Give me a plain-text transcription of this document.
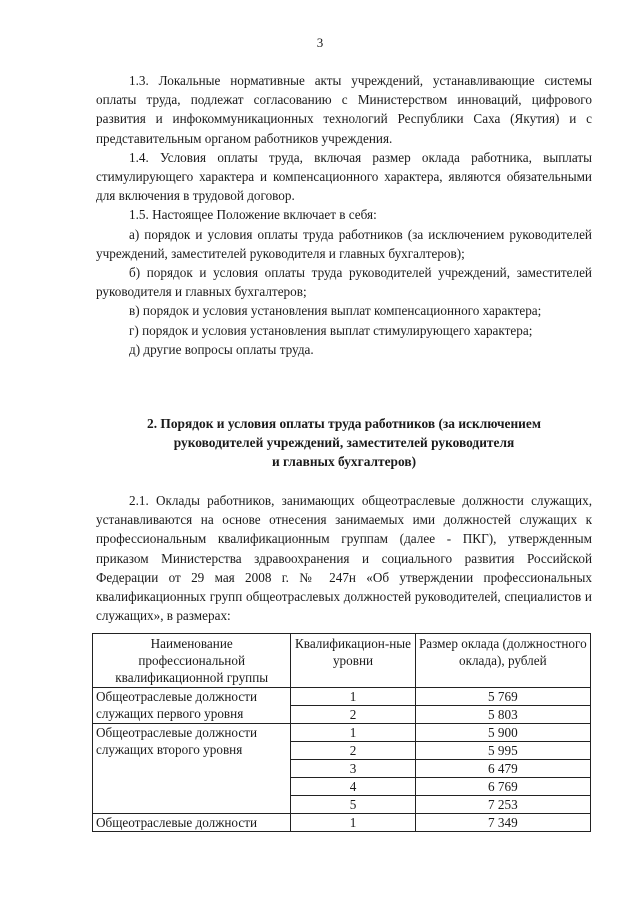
3
1.3. Локальные нормативные акты учреждений, устанавливающие системы оплаты труда, подлежат согласованию с Министерством инноваций, цифрового развития и инфокоммуникационных технологий Республики Саха (Якутия) и с представительным органом работников учреждения.
1.4. Условия оплаты труда, включая размер оклада работника, выплаты стимулирующего характера и компенсационного характера, являются обязательными для включения в трудовой договор.
1.5. Настоящее Положение включает в себя:
а) порядок и условия оплаты труда работников (за исключением руководителей учреждений, заместителей руководителя и главных бухгалтеров);
б) порядок и условия оплаты труда руководителей учреждений, заместителей руководителя и главных бухгалтеров;
в) порядок и условия установления выплат компенсационного характера;
г) порядок и условия установления выплат стимулирующего характера;
д) другие вопросы оплаты труда.
2. Порядок и условия оплаты труда работников (за исключением
руководителей учреждений, заместителей руководителя
и главных бухгалтеров)
2.1. Оклады работников, занимающих общеотраслевые должности служащих, устанавливаются на основе отнесения занимаемых ими должностей служащих к профессиональным квалификационным группам (далее - ПКГ), утвержденным приказом Министерства здравоохранения и социального развития Российской Федерации от 29 мая 2008 г. № 247н «Об утверждении профессиональных квалификационных групп общеотраслевых должностей руководителей, специалистов и служащих», в размерах:
Наименование профессиональной квалификационной группы	Квалификацион-ные уровни	Размер оклада (должностного оклада), рублей
Общеотраслевые должности служащих первого уровня	1	5 769
	2	5 803
Общеотраслевые должности служащих второго уровня	1	5 900
	2	5 995
	3	6 479
	4	6 769
	5	7 253
Общеотраслевые должности	1	7 349
